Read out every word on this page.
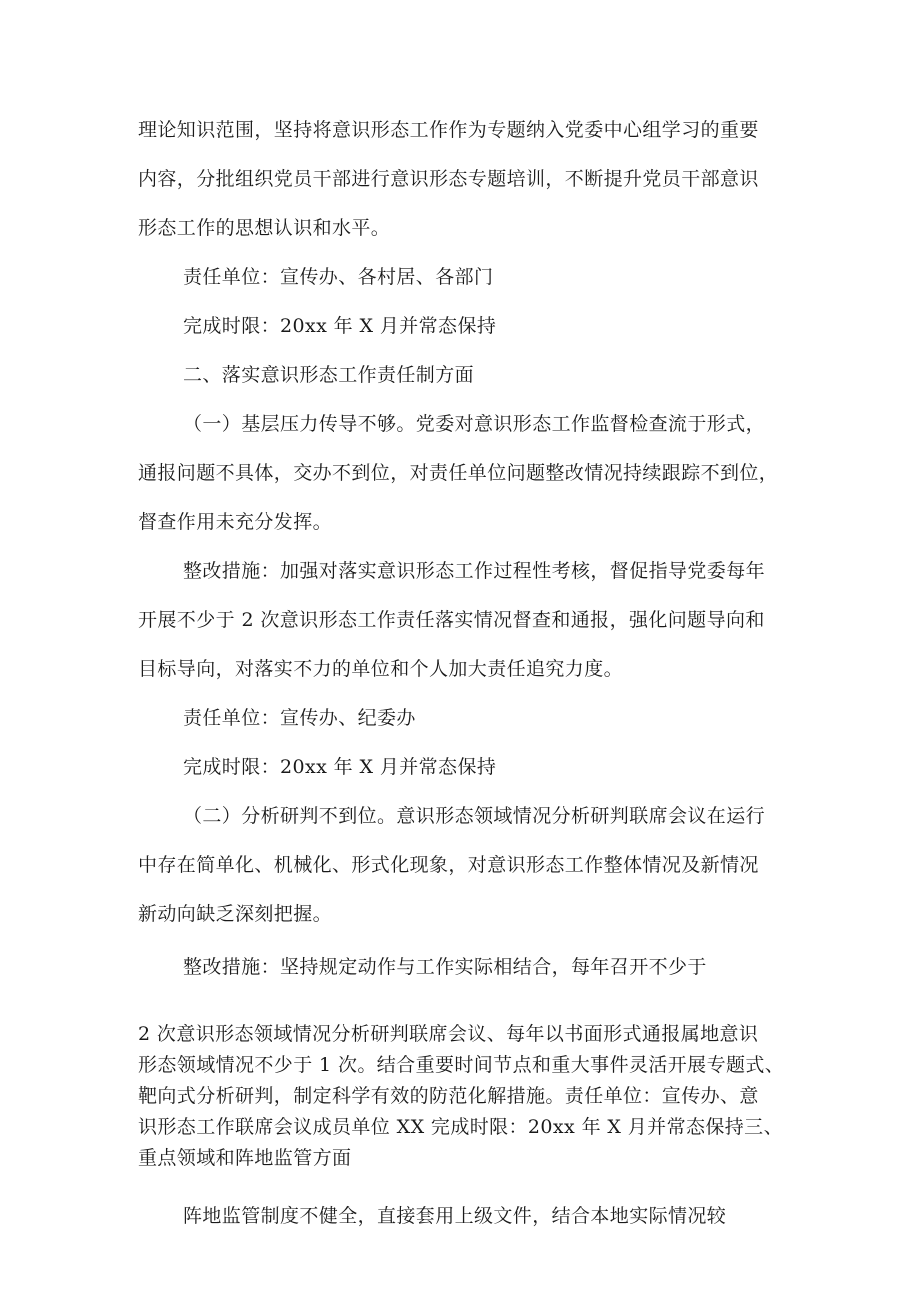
理论知识范围，坚持将意识形态工作作为专题纳入党委中心组学习的重要
内容，分批组织党员干部进行意识形态专题培训，不断提升党员干部意识
形态工作的思想认识和水平。
责任单位：宣传办、各村居、各部门
完成时限：20xx 年 X 月并常态保持
二、落实意识形态工作责任制方面
（一）基层压力传导不够。党委对意识形态工作监督检查流于形式，
通报问题不具体，交办不到位，对责任单位问题整改情况持续跟踪不到位，
督查作用未充分发挥。
整改措施：加强对落实意识形态工作过程性考核，督促指导党委每年
开展不少于 2 次意识形态工作责任落实情况督查和通报，强化问题导向和
目标导向，对落实不力的单位和个人加大责任追究力度。
责任单位：宣传办、纪委办
完成时限：20xx 年 X 月并常态保持
（二）分析研判不到位。意识形态领域情况分析研判联席会议在运行
中存在简单化、机械化、形式化现象，对意识形态工作整体情况及新情况
新动向缺乏深刻把握。
整改措施：坚持规定动作与工作实际相结合，每年召开不少于
2 次意识形态领域情况分析研判联席会议、每年以书面形式通报属地意识
形态领域情况不少于 1 次。结合重要时间节点和重大事件灵活开展专题式、
靶向式分析研判，制定科学有效的防范化解措施。责任单位：宣传办、意
识形态工作联席会议成员单位 XX 完成时限：20xx 年 X 月并常态保持三、
重点领域和阵地监管方面
阵地监管制度不健全，直接套用上级文件，结合本地实际情况较
